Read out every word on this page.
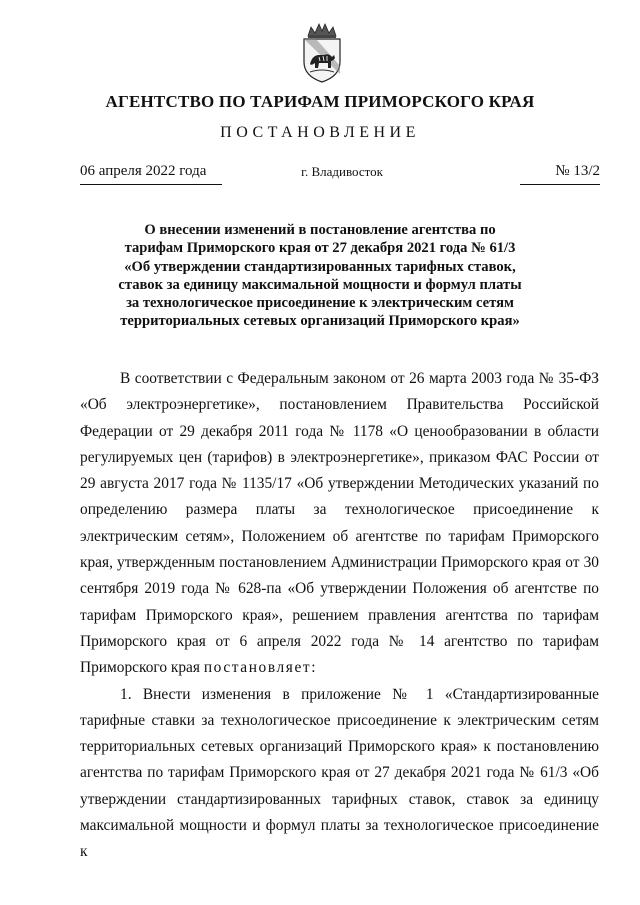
АГЕНТСТВО ПО ТАРИФАМ ПРИМОРСКОГО КРАЯ
ПОСТАНОВЛЕНИЕ
06 апреля 2022 года	г. Владивосток	№ 13/2
О внесении изменений в постановление агентства по
тарифам Приморского края от 27 декабря 2021 года № 61/3
«Об утверждении стандартизированных тарифных ставок,
ставок за единицу максимальной мощности и формул платы
за технологическое присоединение к электрическим сетям
территориальных сетевых организаций Приморского края»

В соответствии с Федеральным законом от 26 марта 2003 года № 35-ФЗ «Об электроэнергетике», постановлением Правительства Российской Федерации от 29 декабря 2011 года № 1178 «О ценообразовании в области регулируемых цен (тарифов) в электроэнергетике», приказом ФАС России от 29 августа 2017 года № 1135/17 «Об утверждении Методических указаний по определению размера платы за технологическое присоединение к электрическим сетям», Положением об агентстве по тарифам Приморского края, утвержденным постановлением Администрации Приморского края от 30 сентября 2019 года № 628-па «Об утверждении Положения об агентстве по тарифам Приморского края», решением правления агентства по тарифам Приморского края от 6 апреля 2022 года № 14 агентство по тарифам Приморского края постановляет:

1. Внести изменения в приложение № 1 «Стандартизированные тарифные ставки за технологическое присоединение к электрическим сетям территориальных сетевых организаций Приморского края» к постановлению агентства по тарифам Приморского края от 27 декабря 2021 года № 61/3 «Об утверждении стандартизированных тарифных ставок, ставок за единицу максимальной мощности и формул платы за технологическое присоединение к
